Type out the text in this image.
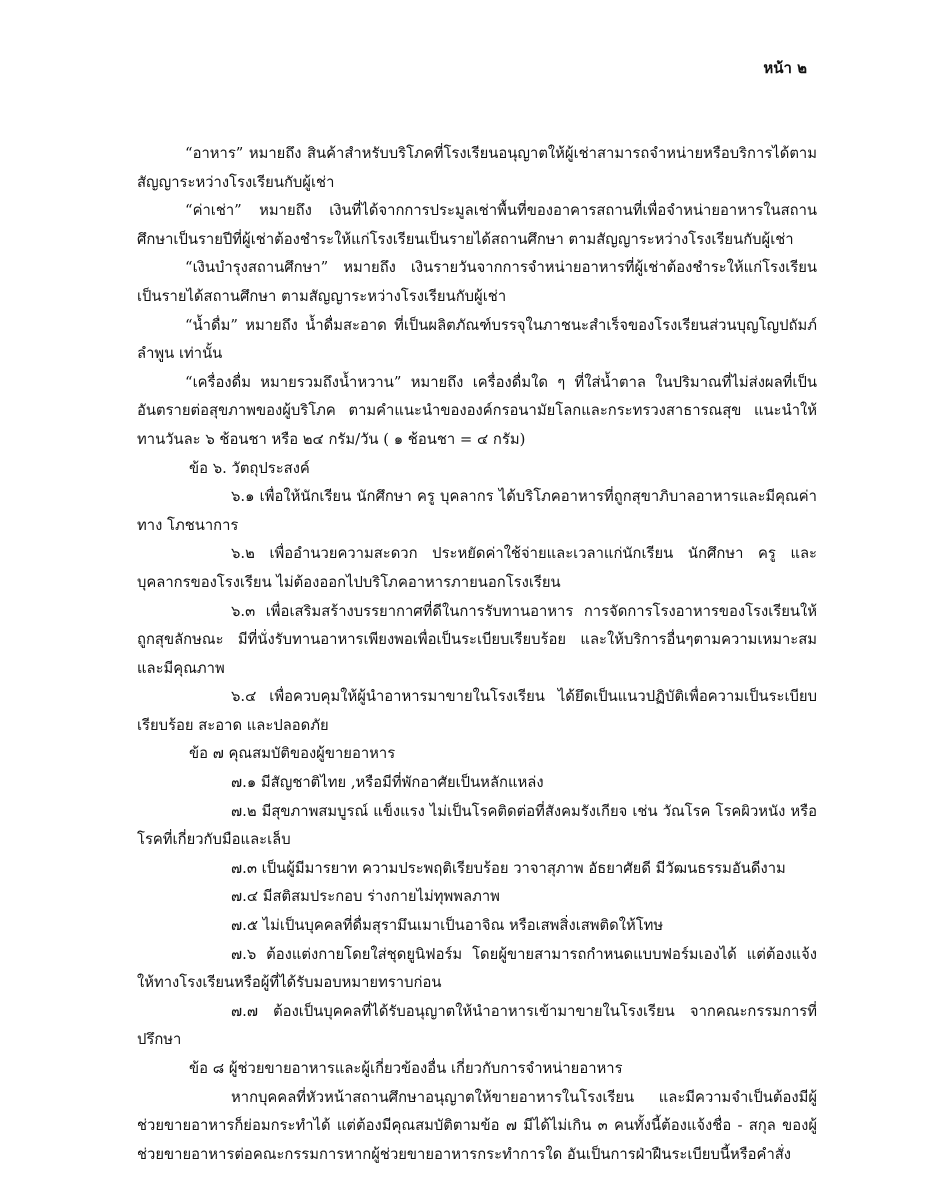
หน้า ๒

“อาหาร” หมายถึง สินค้าสำหรับบริโภคที่โรงเรียนอนุญาตให้ผู้เช่าสามารถจำหน่ายหรือบริการได้ตามสัญญาระหว่างโรงเรียนกับผู้เช่า

“ค่าเช่า” หมายถึง เงินที่ได้จากการประมูลเช่าพื้นที่ของอาคารสถานที่เพื่อจำหน่ายอาหารในสถานศึกษาเป็นรายปีที่ผู้เช่าต้องชำระให้แก่โรงเรียนเป็นรายได้สถานศึกษา ตามสัญญาระหว่างโรงเรียนกับผู้เช่า

“เงินบำรุงสถานศึกษา” หมายถึง เงินรายวันจากการจำหน่ายอาหารที่ผู้เช่าต้องชำระให้แก่โรงเรียนเป็นรายได้สถานศึกษา ตามสัญญาระหว่างโรงเรียนกับผู้เช่า

“น้ำดื่ม” หมายถึง น้ำดื่มสะอาด ที่เป็นผลิตภัณฑ์บรรจุในภาชนะสำเร็จของโรงเรียนส่วนบุญโญปถัมภ์ ลำพูน เท่านั้น

“เครื่องดื่ม หมายรวมถึงน้ำหวาน” หมายถึง เครื่องดื่มใด ๆ ที่ใส่น้ำตาล ในปริมาณที่ไม่ส่งผลที่เป็นอันตรายต่อสุขภาพของผู้บริโภค ตามคำแนะนำขององค์กรอนามัยโลกและกระทรวงสาธารณสุข แนะนำให้ทานวันละ ๖ ช้อนชา หรือ ๒๔ กรัม/วัน ( ๑ ช้อนชา = ๔ กรัม)

ข้อ ๖. วัตถุประสงค์

๖.๑ เพื่อให้นักเรียน นักศึกษา ครู บุคลากร ได้บริโภคอาหารที่ถูกสุขาภิบาลอาหารและมีคุณค่าทาง โภชนาการ

๖.๒ เพื่ออำนวยความสะดวก ประหยัดค่าใช้จ่ายและเวลาแก่นักเรียน นักศึกษา ครู และบุคลากรของโรงเรียน ไม่ต้องออกไปบริโภคอาหารภายนอกโรงเรียน

๖.๓ เพื่อเสริมสร้างบรรยากาศที่ดีในการรับทานอาหาร การจัดการโรงอาหารของโรงเรียนให้ถูกสุขลักษณะ มีที่นั่งรับทานอาหารเพียงพอเพื่อเป็นระเบียบเรียบร้อย และให้บริการอื่นๆตามความเหมาะสมและมีคุณภาพ

๖.๔ เพื่อควบคุมให้ผู้นำอาหารมาขายในโรงเรียน ได้ยึดเป็นแนวปฏิบัติเพื่อความเป็นระเบียบเรียบร้อย สะอาด และปลอดภัย

ข้อ ๗ คุณสมบัติของผู้ขายอาหาร

๗.๑ มีสัญชาติไทย ,หรือมีที่พักอาศัยเป็นหลักแหล่ง

๗.๒ มีสุขภาพสมบูรณ์ แข็งแรง ไม่เป็นโรคติดต่อที่สังคมรังเกียจ เช่น วัณโรค โรคผิวหนัง หรือโรคที่เกี่ยวกับมือและเล็บ

๗.๓ เป็นผู้มีมารยาท ความประพฤติเรียบร้อย วาจาสุภาพ อัธยาศัยดี มีวัฒนธรรมอันดีงาม

๗.๔ มีสติสมประกอบ ร่างกายไม่ทุพพลภาพ

๗.๕ ไม่เป็นบุคคลที่ดื่มสุรามึนเมาเป็นอาจิณ หรือเสพสิ่งเสพติดให้โทษ

๗.๖ ต้องแต่งกายโดยใส่ชุดยูนิฟอร์ม โดยผู้ขายสามารถกำหนดแบบฟอร์มเองได้ แต่ต้องแจ้งให้ทางโรงเรียนหรือผู้ที่ได้รับมอบหมายทราบก่อน

๗.๗ ต้องเป็นบุคคลที่ได้รับอนุญาตให้นำอาหารเข้ามาขายในโรงเรียน จากคณะกรรมการที่ปรึกษา

ข้อ ๘ ผู้ช่วยขายอาหารและผู้เกี่ยวข้องอื่น เกี่ยวกับการจำหน่ายอาหาร

หากบุคคลที่หัวหน้าสถานศึกษาอนุญาตให้ขายอาหารในโรงเรียน และมีความจำเป็นต้องมีผู้ช่วยขายอาหารก็ย่อมกระทำได้ แต่ต้องมีคุณสมบัติตามข้อ ๗ มีได้ไม่เกิน ๓ คนทั้งนี้ต้องแจ้งชื่อ - สกุล ของผู้ช่วยขายอาหารต่อคณะกรรมการหากผู้ช่วยขายอาหารกระทำการใด อันเป็นการฝ่าฝืนระเบียบนี้หรือคำสั่ง
